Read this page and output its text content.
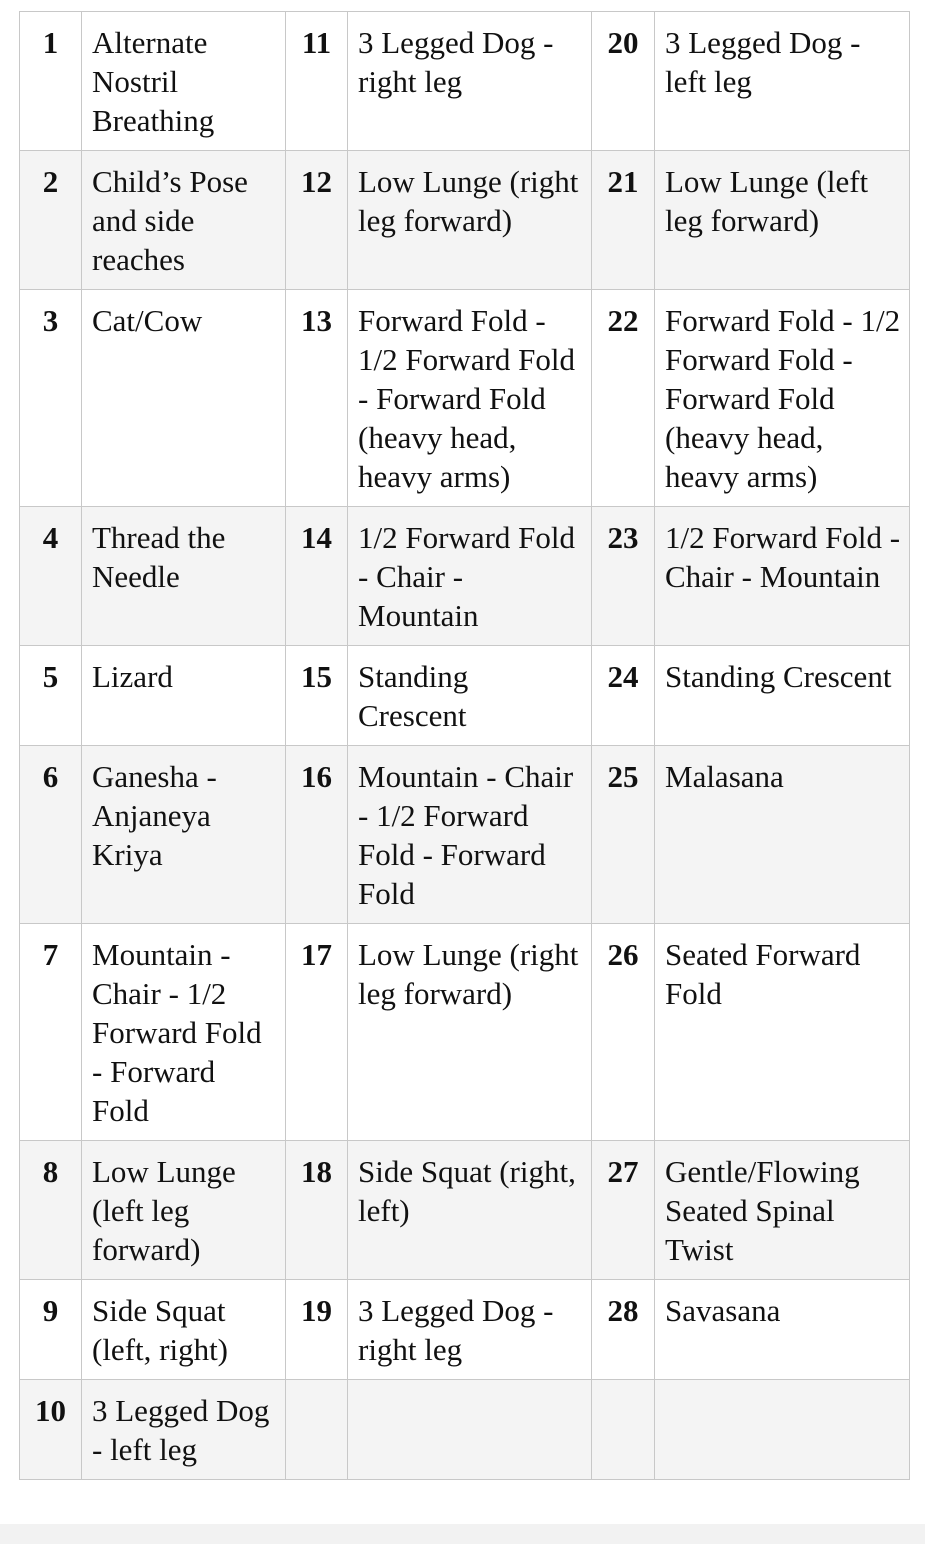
1	Alternate Nostril Breathing	11	3 Legged Dog - right leg	20	3 Legged Dog - left leg
2	Child’s Pose and side reaches	12	Low Lunge (right leg forward)	21	Low Lunge (left leg forward)
3	Cat/Cow	13	Forward Fold - 1/2 Forward Fold - Forward Fold (heavy head, heavy arms)	22	Forward Fold - 1/2 Forward Fold - Forward Fold (heavy head, heavy arms)
4	Thread the Needle	14	1/2 Forward Fold - Chair - Mountain	23	1/2 Forward Fold - Chair - Mountain
5	Lizard	15	Standing Crescent	24	Standing Crescent
6	Ganesha - Anjaneya Kriya	16	Mountain - Chair - 1/2 Forward Fold - Forward Fold	25	Malasana
7	Mountain - Chair - 1/2 Forward Fold - Forward Fold	17	Low Lunge (right leg forward)	26	Seated Forward Fold
8	Low Lunge (left leg forward)	18	Side Squat (right, left)	27	Gentle/Flowing Seated Spinal Twist
9	Side Squat (left, right)	19	3 Legged Dog - right leg	28	Savasana
10	3 Legged Dog - left leg				
